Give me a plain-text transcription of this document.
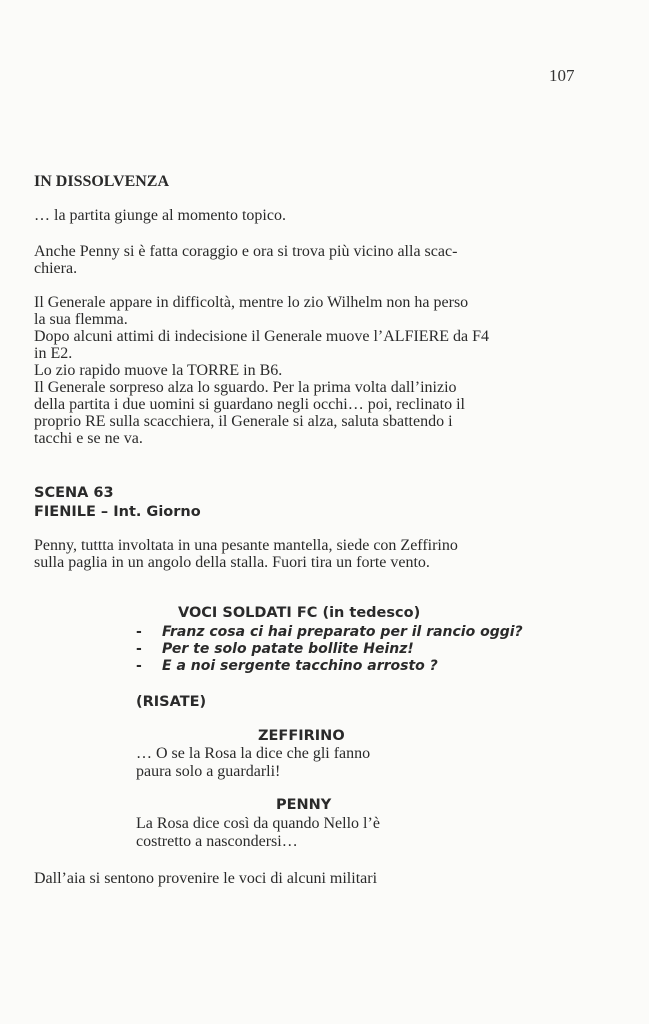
107
IN DISSOLVENZA
… la partita giunge al momento topico.
Anche Penny si è fatta coraggio e ora si trova più vicino alla scac-
chiera.
Il Generale appare in difficoltà, mentre lo zio Wilhelm non ha perso
la sua flemma.
Dopo alcuni attimi di indecisione il Generale muove l’ALFIERE da F4
in E2.
Lo zio rapido muove la TORRE in B6.
Il Generale sorpreso alza lo sguardo. Per la prima volta dall’inizio
della partita i due uomini si guardano negli occhi… poi, reclinato il
proprio RE sulla scacchiera, il Generale si alza, saluta sbattendo i
tacchi e se ne va.
SCENA 63
FIENILE – Int. Giorno
Penny, tuttta involtata in una pesante mantella, siede con Zeffirino
sulla paglia in un angolo della stalla. Fuori tira un forte vento.
VOCI SOLDATI FC (in tedesco)
- Franz cosa ci hai preparato per il rancio oggi?
- Per te solo patate bollite Heinz!
- E a noi sergente tacchino arrosto ?
(RISATE)
ZEFFIRINO
… O se la Rosa la dice che gli fanno
paura solo a guardarli!
PENNY
La Rosa dice così da quando Nello l’è
costretto a nascondersi…
Dall’aia si sentono provenire le voci di alcuni militari
